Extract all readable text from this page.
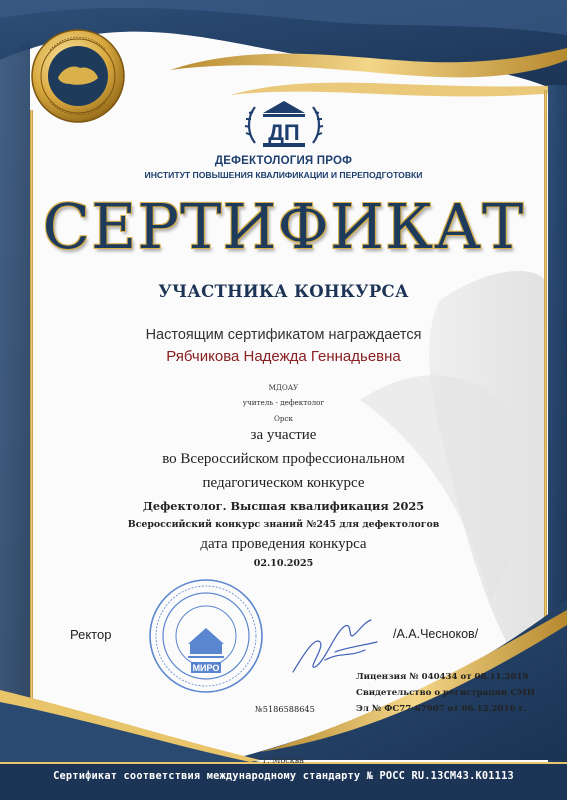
ДП
ДЕФЕКТОЛОГИЯ ПРОФ
ИНСТИТУТ ПОВЫШЕНИЯ КВАЛИФИКАЦИИ И ПЕРЕПОДГОТОВКИ
СЕРТИФИКАТ
УЧАСТНИКА КОНКУРСА
Настоящим сертификатом награждается
Рябчикова Надежда Геннадьевна
МДОАУ
учитель - дефектолог
Орск
за участие
во Всероссийском профессиональном
педагогическом конкурсе
Дефектолог. Высшая квалификация 2025
Всероссийский конкурс знаний №245 для дефектологов
дата проведения конкурса
02.10.2025
МИРО
Ректор	/А.А.Чесноков/
Лицензия № 040434 от 08.11.2019
Свидетельство о регистрации СМИ
Эл № ФС77-67907 от 06.12.2016 г.
№5186588645
г. Москва
Сертификат соответствия международному стандарту № РОСС RU.13СМ43.К01113
